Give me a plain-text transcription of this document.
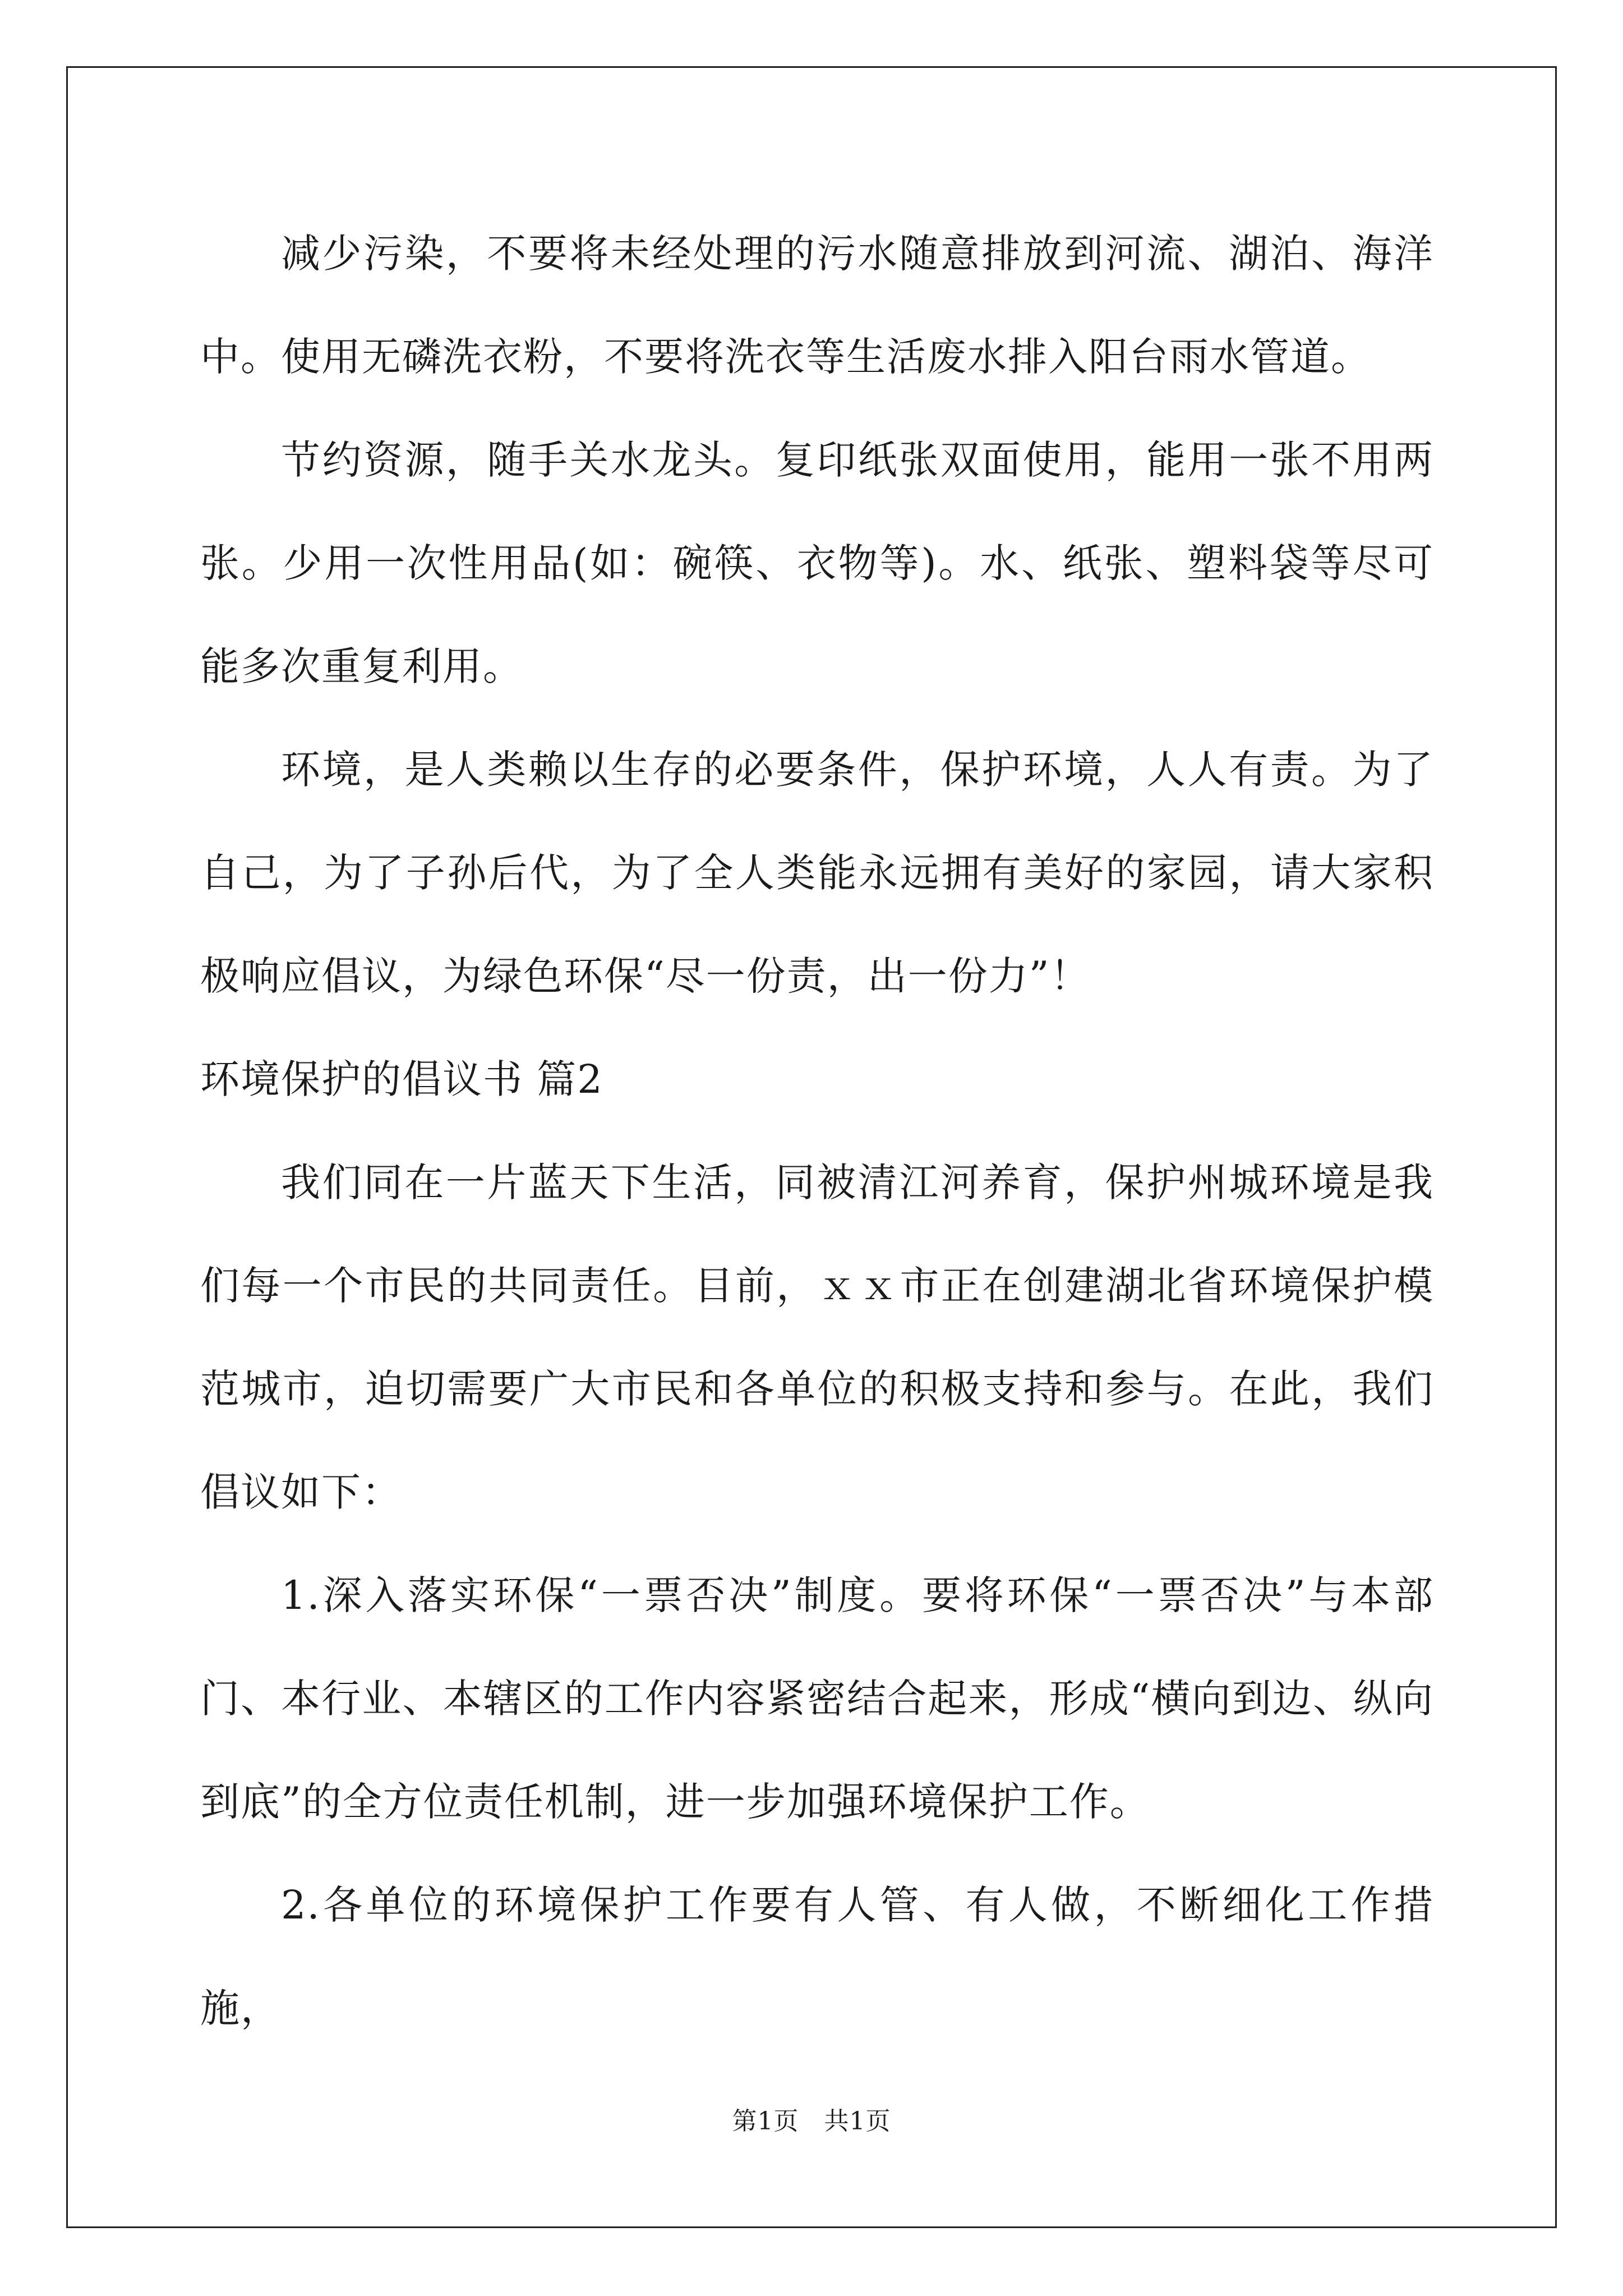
减少污染，不要将未经处理的污水随意排放到河流、湖泊、海洋中。使用无磷洗衣粉，不要将洗衣等生活废水排入阳台雨水管道。

节约资源，随手关水龙头。复印纸张双面使用，能用一张不用两张。少用一次性用品(如：碗筷、衣物等)。水、纸张、塑料袋等尽可能多次重复利用。

环境，是人类赖以生存的必要条件，保护环境，人人有责。为了自己，为了子孙后代，为了全人类能永远拥有美好的家园，请大家积极响应倡议，为绿色环保“尽一份责，出一份力”！

环境保护的倡议书 篇2

我们同在一片蓝天下生活，同被清江河养育，保护州城环境是我们每一个市民的共同责任。目前，ｘｘ市正在创建湖北省环境保护模范城市，迫切需要广大市民和各单位的积极支持和参与。在此，我们倡议如下：

1.深入落实环保“一票否决”制度。要将环保“一票否决”与本部门、本行业、本辖区的工作内容紧密结合起来，形成“横向到边、纵向到底”的全方位责任机制，进一步加强环境保护工作。

2.各单位的环境保护工作要有人管、有人做，不断细化工作措施，

第1页　共1页
